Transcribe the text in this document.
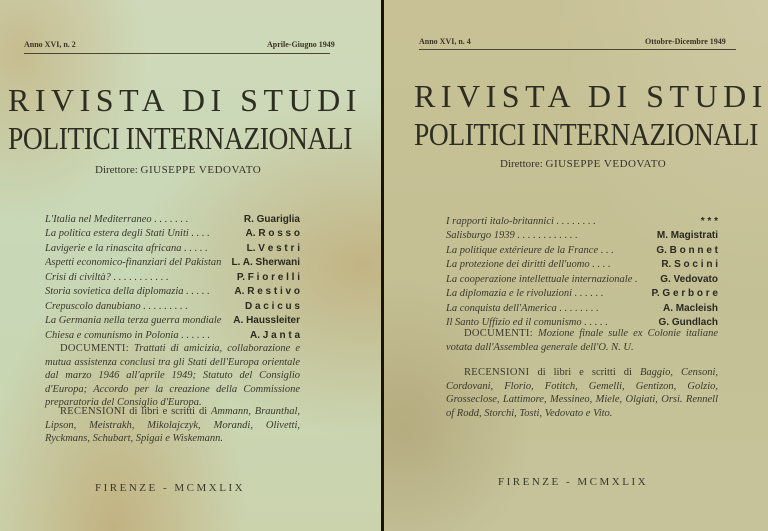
Anno XVI, n. 2	Aprile-Giugno 1949
RIVISTA DI STUDI
POLITICI INTERNAZIONALI
Direttore: GIUSEPPE VEDOVATO
L'Italia nel Mediterraneo . . . . . . .	R. Guariglia
La politica estera degli Stati Uniti . . . .	A. R o s s o
Lavigerie e la rinascita africana . . . . .	L. V e s t r i
Aspetti economico-finanziari del Pakistan	L. A. Sherwani
Crisi di civiltà? . . . . . . . . . . .	P. F i o r e l l i
Storia sovietica della diplomazia . . . . .	A. R e s t i v o
Crepuscolo danubiano . . . . . . . . .	D a c i c u s
La Germania nella terza guerra mondiale	A. Haussleiter
Chiesa e comunismo in Polonia . . . . . .	A. J a n t a
DOCUMENTI: Trattati di amicizia, collaborazione e mutua assistenza conclusi tra gli Stati dell'Europa orientale dal marzo 1946 all'aprile 1949; Statuto del Consiglio d'Europa; Accordo per la creazione della Commissione preparatoria del Consiglio d'Europa.
RECENSIONI di libri e scritti di Ammann, Braunthal, Lipson, Meistrakh, Mikolajczyk, Morandi, Olivetti, Ryckmans, Schubart, Spigai e Wiskemann.
FIRENZE - MCMXLIX
Anno XVI, n. 4	Ottobre-Dicembre 1949
RIVISTA DI STUDI
POLITICI INTERNAZIONALI
Direttore: GIUSEPPE VEDOVATO
I rapporti italo-britannici . . . . . . . .	* * *
Salisburgo 1939 . . . . . . . . . . . .	M. Magistrati
La politique extérieure de la France . . .	G. B o n n e t
La protezione dei diritti dell'uomo . . . .	R. S o c i n i
La cooperazione intellettuale internazionale .	G. Vedovato
La diplomazia e le rivoluzioni . . . . . .	P. G e r b o r e
La conquista dell'America . . . . . . . .	A. Macleish
Il Santo Uffizio ed il comunismo . . . . .	G. Gundlach
DOCUMENTI: Mozione finale sulle ex Colonie italiane votata dall'Assemblea generale dell'O. N. U.
RECENSIONI di libri e scritti di Baggio, Censoni, Cordovani, Florio, Fotitch, Gemelli, Gentizon, Golzio, Grosseclose, Lattimore, Messineo, Miele, Olgiati, Orsi. Rennell of Rodd, Storchi, Tosti, Vedovato e Vito.
FIRENZE - MCMXLIX
